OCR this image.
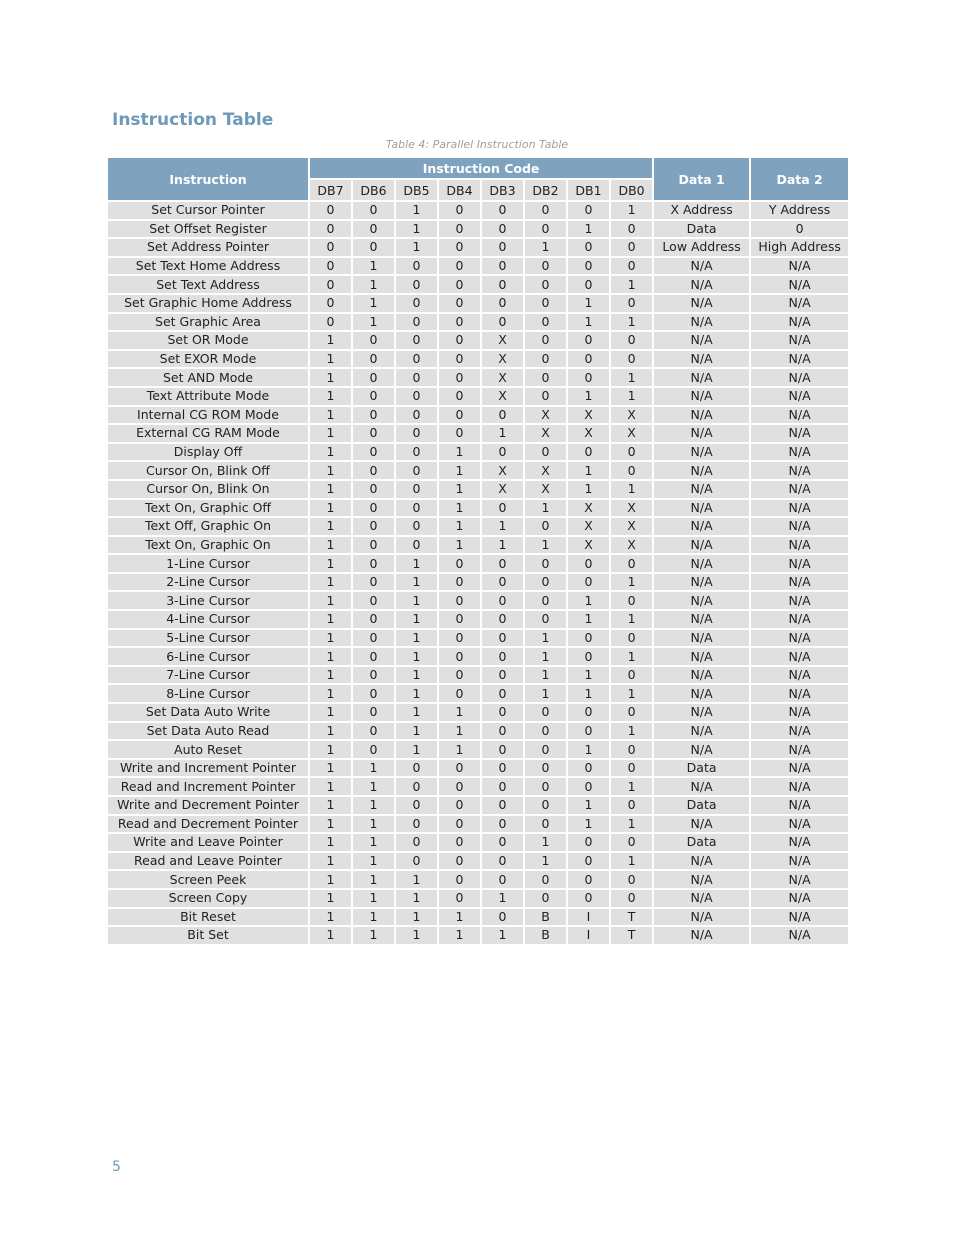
Instruction Table
Table 4: Parallel Instruction Table
Instruction	Instruction Code								Data 1	Data 2
	DB7	DB6	DB5	DB4	DB3	DB2	DB1	DB0		
Set Cursor Pointer	0	0	1	0	0	0	0	1	X Address	Y Address
Set Offset Register	0	0	1	0	0	0	1	0	Data	0
Set Address Pointer	0	0	1	0	0	1	0	0	Low Address	High Address
Set Text Home Address	0	1	0	0	0	0	0	0	N/A	N/A
Set Text Address	0	1	0	0	0	0	0	1	N/A	N/A
Set Graphic Home Address	0	1	0	0	0	0	1	0	N/A	N/A
Set Graphic Area	0	1	0	0	0	0	1	1	N/A	N/A
Set OR Mode	1	0	0	0	X	0	0	0	N/A	N/A
Set EXOR Mode	1	0	0	0	X	0	0	0	N/A	N/A
Set AND Mode	1	0	0	0	X	0	0	1	N/A	N/A
Text Attribute Mode	1	0	0	0	X	0	1	1	N/A	N/A
Internal CG ROM Mode	1	0	0	0	0	X	X	X	N/A	N/A
External CG RAM Mode	1	0	0	0	1	X	X	X	N/A	N/A
Display Off	1	0	0	1	0	0	0	0	N/A	N/A
Cursor On, Blink Off	1	0	0	1	X	X	1	0	N/A	N/A
Cursor On, Blink On	1	0	0	1	X	X	1	1	N/A	N/A
Text On, Graphic Off	1	0	0	1	0	1	X	X	N/A	N/A
Text Off, Graphic On	1	0	0	1	1	0	X	X	N/A	N/A
Text On, Graphic On	1	0	0	1	1	1	X	X	N/A	N/A
1-Line Cursor	1	0	1	0	0	0	0	0	N/A	N/A
2-Line Cursor	1	0	1	0	0	0	0	1	N/A	N/A
3-Line Cursor	1	0	1	0	0	0	1	0	N/A	N/A
4-Line Cursor	1	0	1	0	0	0	1	1	N/A	N/A
5-Line Cursor	1	0	1	0	0	1	0	0	N/A	N/A
6-Line Cursor	1	0	1	0	0	1	0	1	N/A	N/A
7-Line Cursor	1	0	1	0	0	1	1	0	N/A	N/A
8-Line Cursor	1	0	1	0	0	1	1	1	N/A	N/A
Set Data Auto Write	1	0	1	1	0	0	0	0	N/A	N/A
Set Data Auto Read	1	0	1	1	0	0	0	1	N/A	N/A
Auto Reset	1	0	1	1	0	0	1	0	N/A	N/A
Write and Increment Pointer	1	1	0	0	0	0	0	0	Data	N/A
Read and Increment Pointer	1	1	0	0	0	0	0	1	N/A	N/A
Write and Decrement Pointer	1	1	0	0	0	0	1	0	Data	N/A
Read and Decrement Pointer	1	1	0	0	0	0	1	1	N/A	N/A
Write and Leave Pointer	1	1	0	0	0	1	0	0	Data	N/A
Read and Leave Pointer	1	1	0	0	0	1	0	1	N/A	N/A
Screen Peek	1	1	1	0	0	0	0	0	N/A	N/A
Screen Copy	1	1	1	0	1	0	0	0	N/A	N/A
Bit Reset	1	1	1	1	0	B	I	T	N/A	N/A
Bit Set	1	1	1	1	1	B	I	T	N/A	N/A
5
